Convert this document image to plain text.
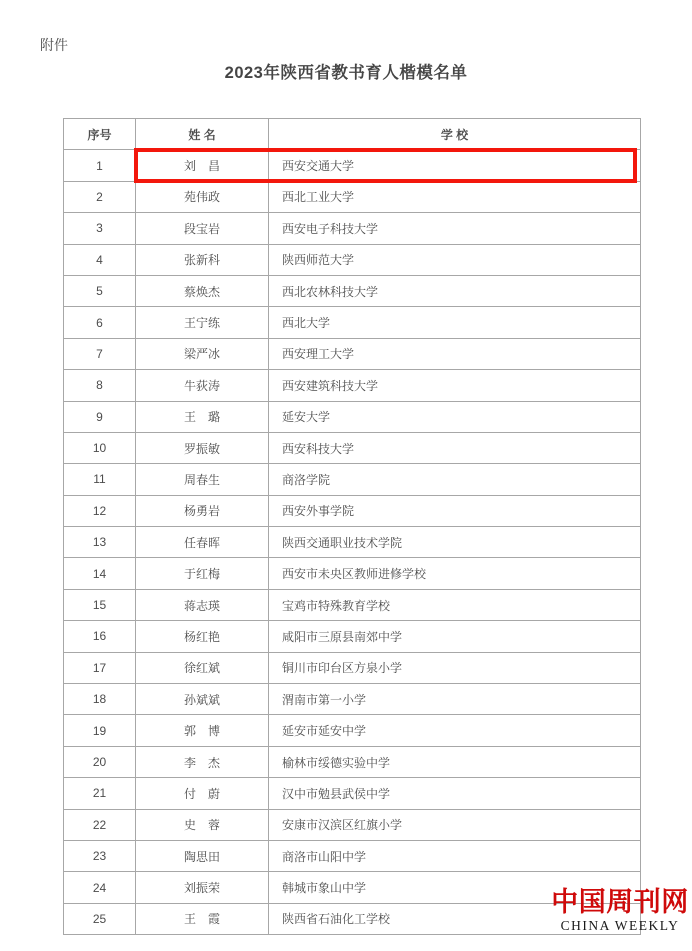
附件
2023年陕西省教书育人楷模名单
序号	姓 名	学 校
1	刘　昌	西安交通大学
2	苑伟政	西北工业大学
3	段宝岩	西安电子科技大学
4	张新科	陕西师范大学
5	蔡焕杰	西北农林科技大学
6	王宁练	西北大学
7	梁严冰	西安理工大学
8	牛荻涛	西安建筑科技大学
9	王　璐	延安大学
10	罗振敏	西安科技大学
11	周春生	商洛学院
12	杨勇岩	西安外事学院
13	任春晖	陕西交通职业技术学院
14	于红梅	西安市未央区教师进修学校
15	蒋志瑛	宝鸡市特殊教育学校
16	杨红艳	咸阳市三原县南郊中学
17	徐红斌	铜川市印台区方泉小学
18	孙斌斌	渭南市第一小学
19	郭　博	延安市延安中学
20	李　杰	榆林市绥德实验中学
21	付　蔚	汉中市勉县武侯中学
22	史　蓉	安康市汉滨区红旗小学
23	陶思田	商洛市山阳中学
24	刘振荣	韩城市象山中学
25	王　霞	陕西省石油化工学校
中国周刊网
CHINA WEEKLY
